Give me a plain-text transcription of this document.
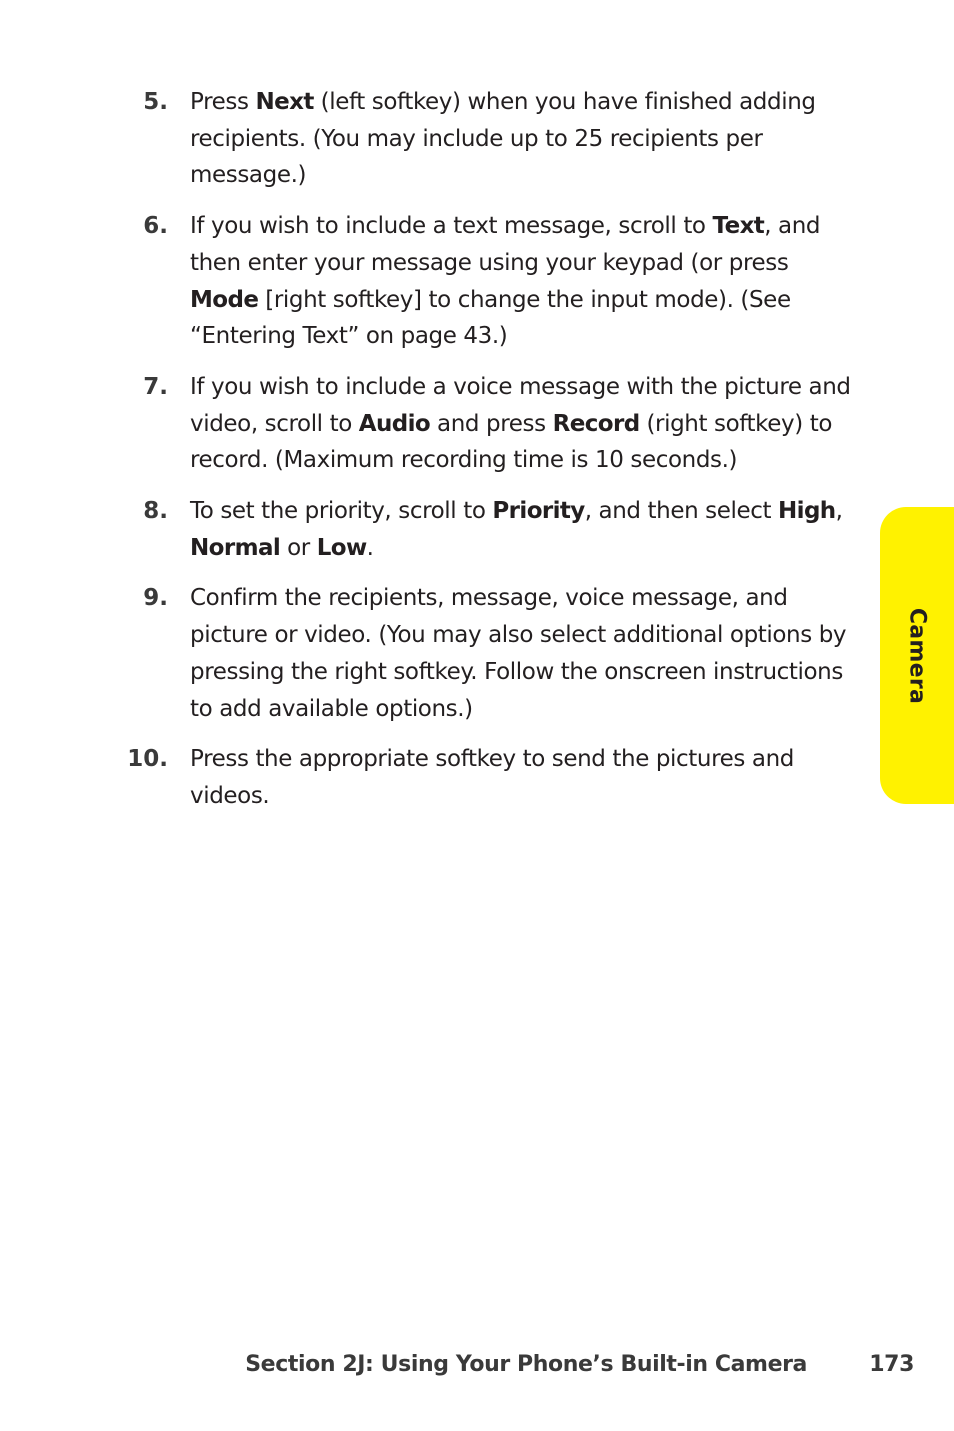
5. Press Next (left softkey) when you have finished adding recipients. (You may include up to 25 recipients per message.)
6. If you wish to include a text message, scroll to Text, and then enter your message using your keypad (or press Mode [right softkey] to change the input mode). (See “Entering Text” on page 43.)
7. If you wish to include a voice message with the picture and video, scroll to Audio and press Record (right softkey) to record. (Maximum recording time is 10 seconds.)
8. To set the priority, scroll to Priority, and then select High, Normal or Low.
9. Confirm the recipients, message, voice message, and picture or video. (You may also select additional options by pressing the right softkey. Follow the onscreen instructions to add available options.)
10. Press the appropriate softkey to send the pictures and videos.
Camera
Section 2J: Using Your Phone’s Built-in Camera	173
